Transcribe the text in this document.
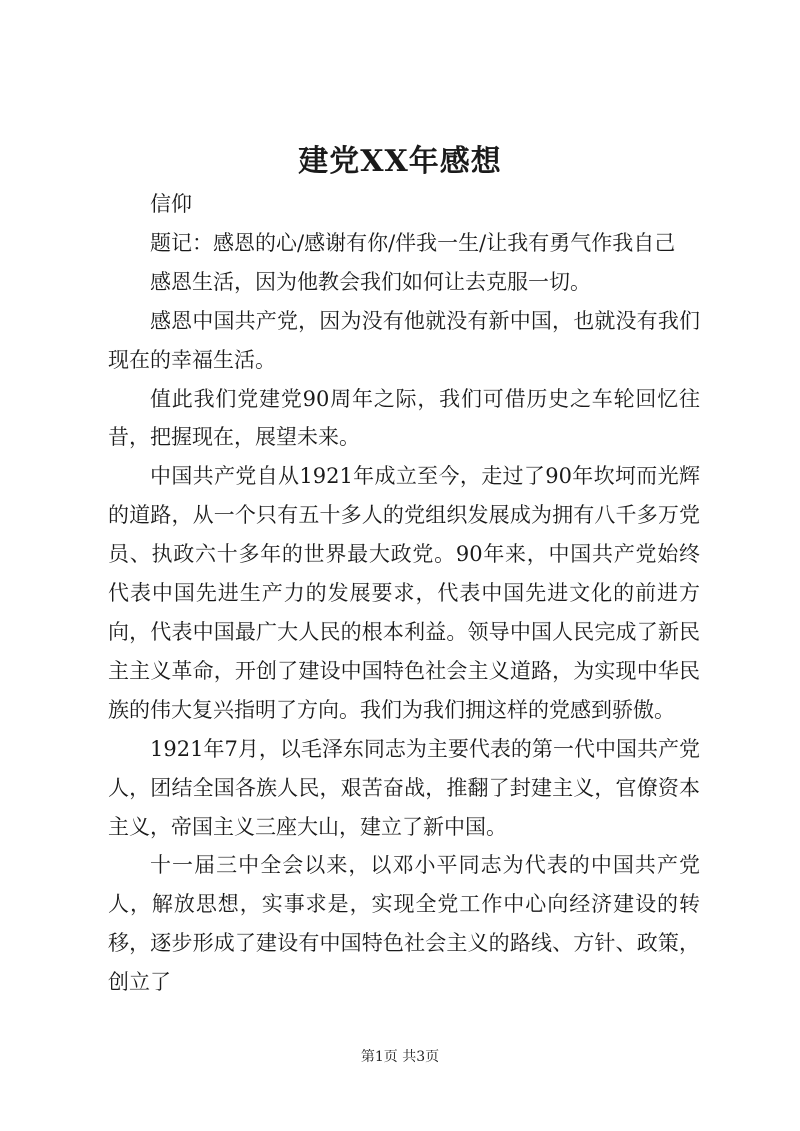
建党XX年感想

信仰

题记：感恩的心/感谢有你/伴我一生/让我有勇气作我自己

感恩生活，因为他教会我们如何让去克服一切。

感恩中国共产党，因为没有他就没有新中国，也就没有我们现在的幸福生活。

值此我们党建党90周年之际，我们可借历史之车轮回忆往昔，把握现在，展望未来。

中国共产党自从1921年成立至今，走过了90年坎坷而光辉的道路，从一个只有五十多人的党组织发展成为拥有八千多万党员、执政六十多年的世界最大政党。90年来，中国共产党始终代表中国先进生产力的发展要求，代表中国先进文化的前进方向，代表中国最广大人民的根本利益。领导中国人民完成了新民主主义革命，开创了建设中国特色社会主义道路，为实现中华民族的伟大复兴指明了方向。我们为我们拥这样的党感到骄傲。

1921年7月，以毛泽东同志为主要代表的第一代中国共产党人，团结全国各族人民，艰苦奋战，推翻了封建主义，官僚资本主义，帝国主义三座大山，建立了新中国。

十一届三中全会以来，以邓小平同志为代表的中国共产党人，解放思想，实事求是，实现全党工作中心向经济建设的转移，逐步形成了建设有中国特色社会主义的路线、方针、政策，创立了

第1页 共3页
